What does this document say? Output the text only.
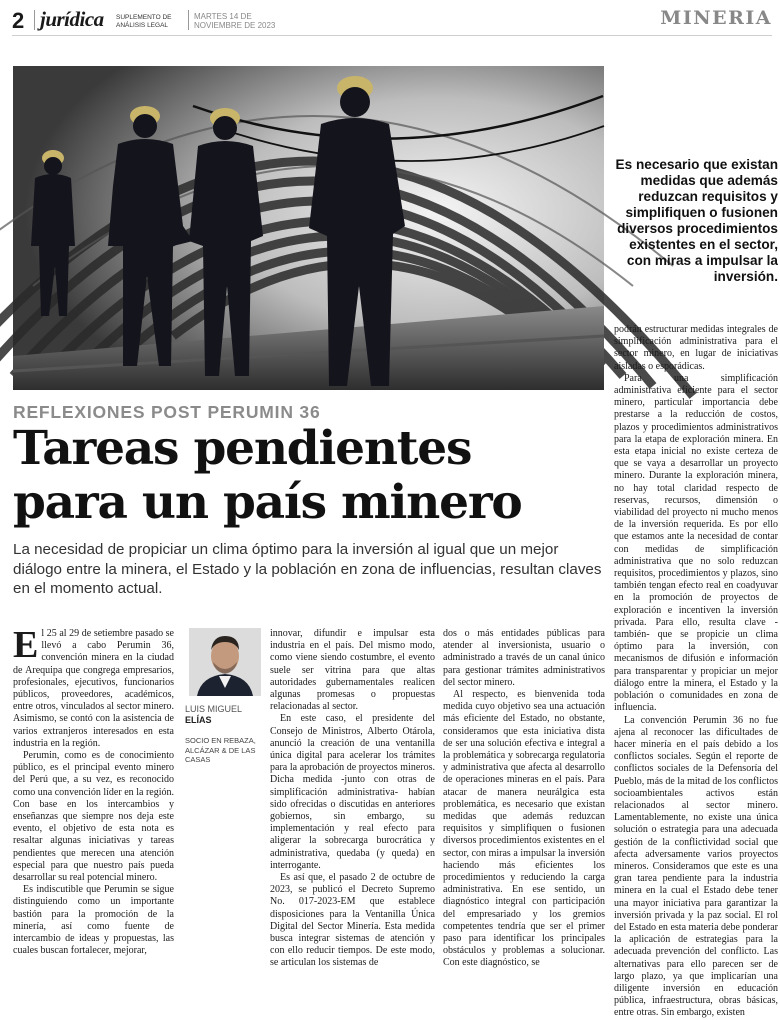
2 jurídica SUPLEMENTO DE ANÁLISIS LEGAL
MARTES 14 DE NOVIEMBRE DE 2023	MINERIA
Es necesario que existan medidas que además reduzcan requisitos y simplifiquen o fusionen diversos procedimientos existentes en el sector, con miras a impulsar la inversión.
REFLEXIONES POST PERUMIN 36
Tareas pendientes
para un país minero

La necesidad de propiciar un clima óptimo para la inversión al igual que un mejor diálogo entre la minera, el Estado y la población en zona de influencias, resultan claves en el momento actual.

El 25 al 29 de setiembre pasado se llevó a cabo Perumin 36, convención minera en la ciudad de Arequipa que congrega empresarios, profesionales, ejecutivos, funcionarios públicos, proveedores, académicos, entre otros, vinculados al sector minero. Asimismo, se contó con la asistencia de varios extranjeros interesados en esta industria en la región.

Perumin, como es de conocimiento público, es el principal evento minero del Perú que, a su vez, es reconocido como una convención líder en la región. Con base en los intercambios y enseñanzas que siempre nos deja este evento, el objetivo de esta nota es resaltar algunas iniciativas y tareas pendientes que merecen una atención especial para que nuestro país pueda desarrollar su real potencial minero.

Es indiscutible que Perumin se sigue distinguiendo como un importante bastión para la promoción de la minería, así como fuente de intercambio de ideas y propuestas, las cuales buscan fortalecer, mejorar,

LUIS MIGUEL
ELÍAS
SOCIO EN REBAZA, ALCÁZAR & DE LAS CASAS

innovar, difundir e impulsar esta industria en el país. Del mismo modo, como viene siendo costumbre, el evento suele ser vitrina para que altas autoridades gubernamentales realicen algunas promesas o propuestas relacionadas al sector.

En este caso, el presidente del Consejo de Ministros, Alberto Otárola, anunció la creación de una ventanilla única digital para acelerar los trámites para la aprobación de proyectos mineros. Dicha medida -junto con otras de simplificación administrativa- habían sido ofrecidas o discutidas en anteriores gobiernos, sin embargo, su implementación y real efecto para aligerar la sobrecarga burocrática y administrativa, quedaba (y queda) en interrogante.

Es así que, el pasado 2 de octubre de 2023, se publicó el Decreto Supremo No. 017-2023-EM que establece disposiciones para la Ventanilla Única Digital del Sector Minería. Esta medida busca integrar sistemas de atención y con ello reducir tiempos. De este modo, se articulan los sistemas de

dos o más entidades públicas para atender al inversionista, usuario o administrado a través de un canal único para gestionar trámites administrativos del sector minero.

Al respecto, es bienvenida toda medida cuyo objetivo sea una actuación más eficiente del Estado, no obstante, consideramos que esta iniciativa dista de ser una solución efectiva e integral a la problemática y sobrecarga regulatoria y administrativa que afecta al desarrollo de operaciones mineras en el país. Para atacar de manera neurálgica esta problemática, es necesario que existan medidas que además reduzcan requisitos y simplifiquen o fusionen diversos procedimientos existentes en el sector, con miras a impulsar la inversión haciendo más eficientes los procedimientos y reduciendo la carga administrativa. En ese sentido, un diagnóstico integral con participación del empresariado y los gremios competentes tendría que ser el primer paso para identificar los principales obstáculos y problemas a solucionar. Con este diagnóstico, se

podrán estructurar medidas integrales de simplificación administrativa para el sector minero, en lugar de iniciativas aisladas o esporádicas.

Para una simplificación administrativa eficiente para el sector minero, particular importancia debe prestarse a la reducción de costos, plazos y procedimientos administrativos para la etapa de exploración minera. En esta etapa inicial no existe certeza de que se vaya a desarrollar un proyecto minero. Durante la exploración minera, no hay total claridad respecto de reservas, recursos, dimensión o viabilidad del proyecto ni mucho menos de la inversión requerida. Es por ello que estamos ante la necesidad de contar con medidas de simplificación administrativa que no solo reduzcan requisitos, procedimientos y plazos, sino también tengan efecto real en coadyuvar en la promoción de proyectos de exploración e incentiven la inversión privada. Para ello, resulta clave -también- que se propicie un clima óptimo para la inversión, con mecanismos de difusión e información para transparentar y propiciar un mejor diálogo entre la minera, el Estado y la población o comunidades en zona de influencia.

La convención Perumin 36 no fue ajena al reconocer las dificultades de hacer minería en el país debido a los conflictos sociales. Según el reporte de conflictos sociales de la Defensoría del Pueblo, más de la mitad de los conflictos socioambientales activos están relacionados al sector minero. Lamentablemente, no existe una única solución o estrategia para una adecuada gestión de la conflictividad social que afecta adversamente varios proyectos mineros. Consideramos que este es una gran tarea pendiente para la industria minera en la cual el Estado debe tener una mayor iniciativa para garantizar la inversión privada y la paz social. El rol del Estado en esta materia debe ponderar la aplicación de estrategias para la adecuada prevención del conflicto. Las alternativas para ello parecen ser de largo plazo, ya que implicarían una diligente inversión en educación pública, infraestructura, obras básicas, entre otras. Sin embargo, existen
